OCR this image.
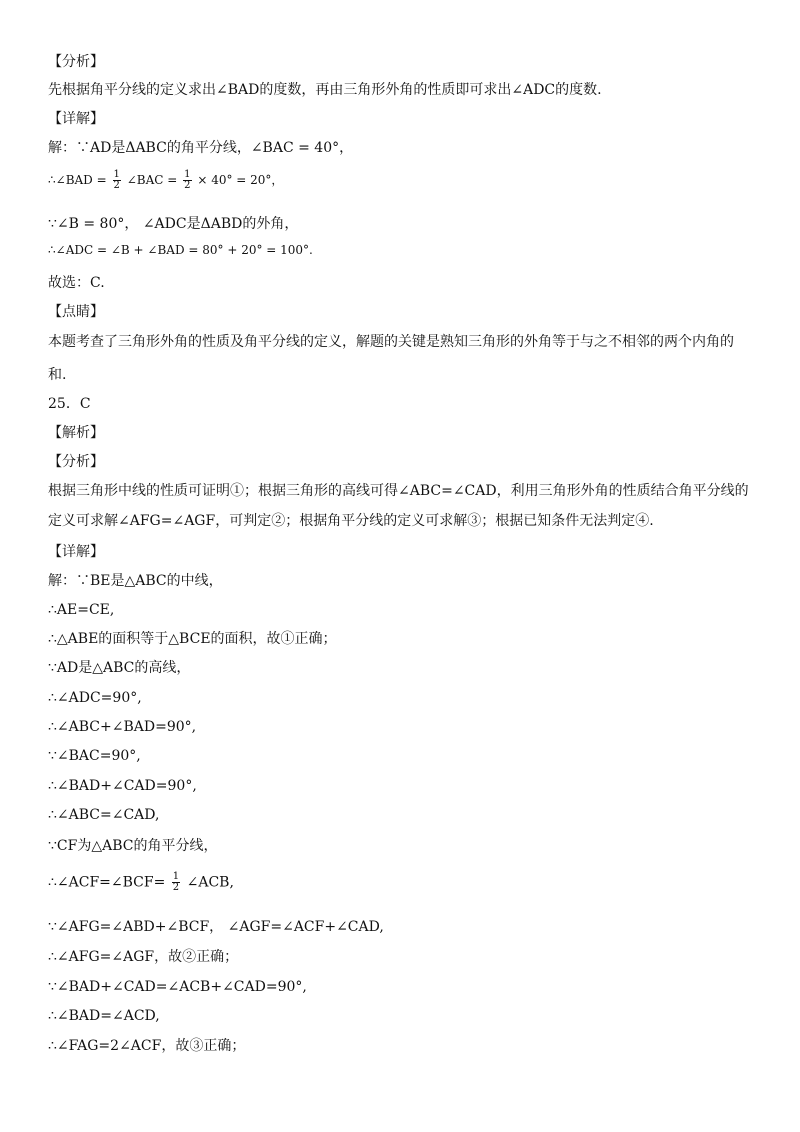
【分析】
先根据角平分线的定义求出∠BAD的度数，再由三角形外角的性质即可求出∠ADC的度数.
【详解】
解：∵AD是ΔABC的角平分线，∠BAC = 40°，
∴∠BAD = $\frac{1}{2}$ ∠BAC = $\frac{1}{2} \times 40^\circ = 20^\circ$，
∵∠B = 80°， ∠ADC是ΔABD的外角，
∴∠ADC = ∠B + ∠BAD = 80° + 20° = 100°.
故选：C.
【点睛】
本题考查了三角形外角的性质及角平分线的定义，解题的关键是熟知三角形的外角等于与之不相邻的两个内角的
和.
25．C
【解析】
【分析】
根据三角形中线的性质可证明①；根据三角形的高线可得∠ABC=∠CAD，利用三角形外角的性质结合角平分线的
定义可求解∠AFG=∠AGF，可判定②；根据角平分线的定义可求解③；根据已知条件无法判定④.
【详解】
解：∵BE是△ABC的中线，
∴AE=CE,
∴△ABE的面积等于△BCE的面积，故①正确；
∵AD是△ABC的高线，
∴∠ADC=90°,
∴∠ABC+∠BAD=90°,
∵∠BAC=90°,
∴∠BAD+∠CAD=90°,
∴∠ABC=∠CAD,
∵CF为△ABC的角平分线，
∴∠ACF=∠BCF= $\frac{1}{2}$ ∠ACB,
∵∠AFG=∠ABD+∠BCF， ∠AGF=∠ACF+∠CAD,
∴∠AFG=∠AGF，故②正确；
∵∠BAD+∠CAD=∠ACB+∠CAD=90°,
∴∠BAD=∠ACD,
∴∠FAG=2∠ACF，故③正确；
